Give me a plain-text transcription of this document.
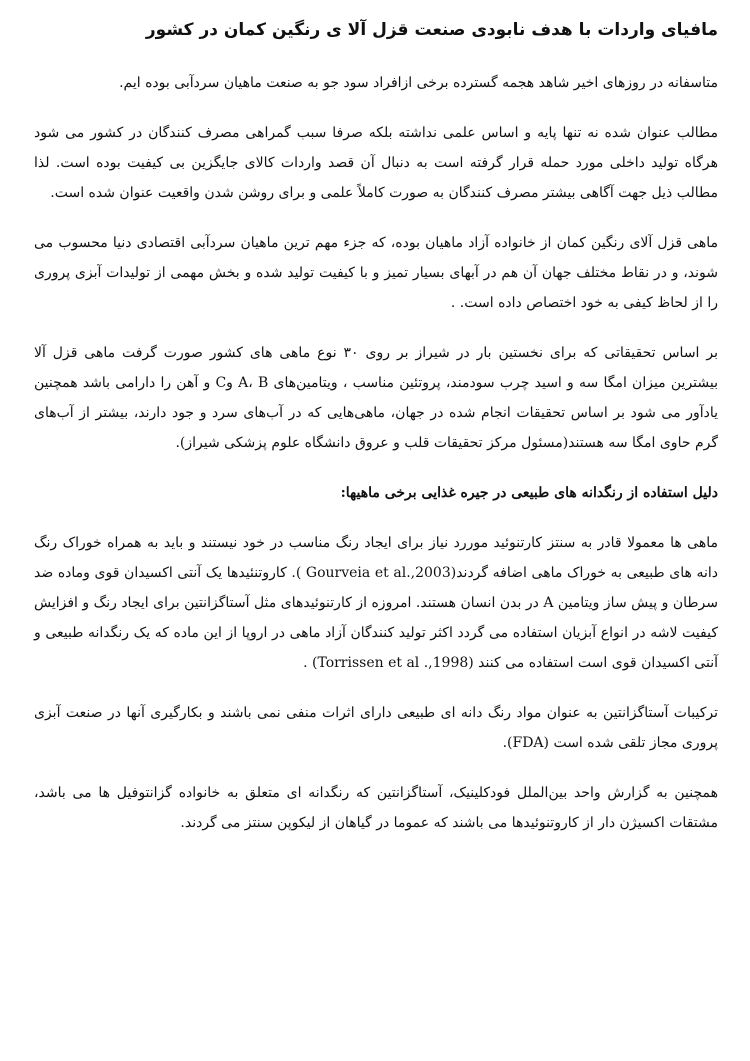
مافیای واردات با هدف نابودی صنعت قزل آلا ی رنگین کمان در کشور

متاسفانه در روزهای اخیر شاهد هجمه گسترده برخی ازافراد سود جو به صنعت ماهیان سردآبی بوده ایم.

مطالب عنوان شده نه تنها پایه و اساس علمی نداشته بلکه صرفا سبب گمراهی مصرف کنندگان در کشور می شود هرگاه تولید داخلی مورد حمله قرار گرفته است به دنبال آن قصد واردات کالای جایگزین بی کیفیت بوده است. لذا مطالب ذیل جهت آگاهی بیشتر مصرف کنندگان به صورت کاملاً علمی و برای روشن شدن واقعیت عنوان شده است.

ماهی قزل آلای رنگین کمان از خانواده آزاد ماهیان بوده، که جزء مهم ترین ماهیان سردآبی اقتصادی دنیا محسوب می شوند، و در نقاط مختلف جهان آن هم در آبهای بسیار تمیز و با کیفیت تولید شده و بخش مهمی از تولیدات آبزی پروری را از لحاظ کیفی به خود اختصاص داده است. .

بر اساس تحقیقاتی که برای نخستین بار در شیراز بر روی ۳۰ نوع ماهی های کشور صورت گرفت ماهی قزل آلا بیشترین میزان امگا سه و اسید چرب سودمند، پروتئین مناسب ، ویتامین‌های A، B وC و آهن را دارامی باشد همچنین یادآور می شود بر اساس تحقیقات انجام شده در جهان، ماهی‌هایی که در آب‌های سرد و جود دارند، بیشتر از آب‌های گرم حاوی امگا سه هستند(مسئول مرکز تحقیقات قلب و عروق دانشگاه علوم پزشکی شیراز).

دلیل استفاده از رنگدانه های طبیعی در جیره غذایی برخی ماهیها:

ماهی ها معمولا قادر به سنتز کارتنوئید موررد نیاز برای ایجاد رنگ مناسب در خود نیستند و باید به همراه خوراک رنگ دانه های طبیعی به خوراک ماهی اضافه گردند(Gourveia et al.,2003 ). کاروتنئیدها یک آنتی اکسیدان قوی وماده ضد سرطان و پیش ساز ویتامین A در بدن انسان هستند. امروزه از کارتنوئیدهای مثل آستاگزانتین برای ایجاد رنگ و افزایش کیفیت لاشه در انواع آبزیان استفاده می گردد اکثر تولید کنندگان آزاد ماهی در اروپا از این ماده که یک رنگدانه طبیعی و آنتی اکسیدان قوی است استفاده می کنند (Torrissen et al .,1998) .

ترکیبات آستاگزانتین به عنوان مواد رنگ دانه ای طبیعی دارای اثرات منفی نمی باشند و بکارگیری آنها در صنعت آبزی پروری مجاز تلقی شده است (FDA).

همچنین به گزارش واحد بین‌الملل فودکلینیک، آستاگزانتین که رنگدانه ای متعلق به خانواده گزانتوفیل ها می باشد، مشتقات اکسیژن دار از کاروتنوئیدها می باشند که عموما در گیاهان از لیکوپن سنتز می گردند.
